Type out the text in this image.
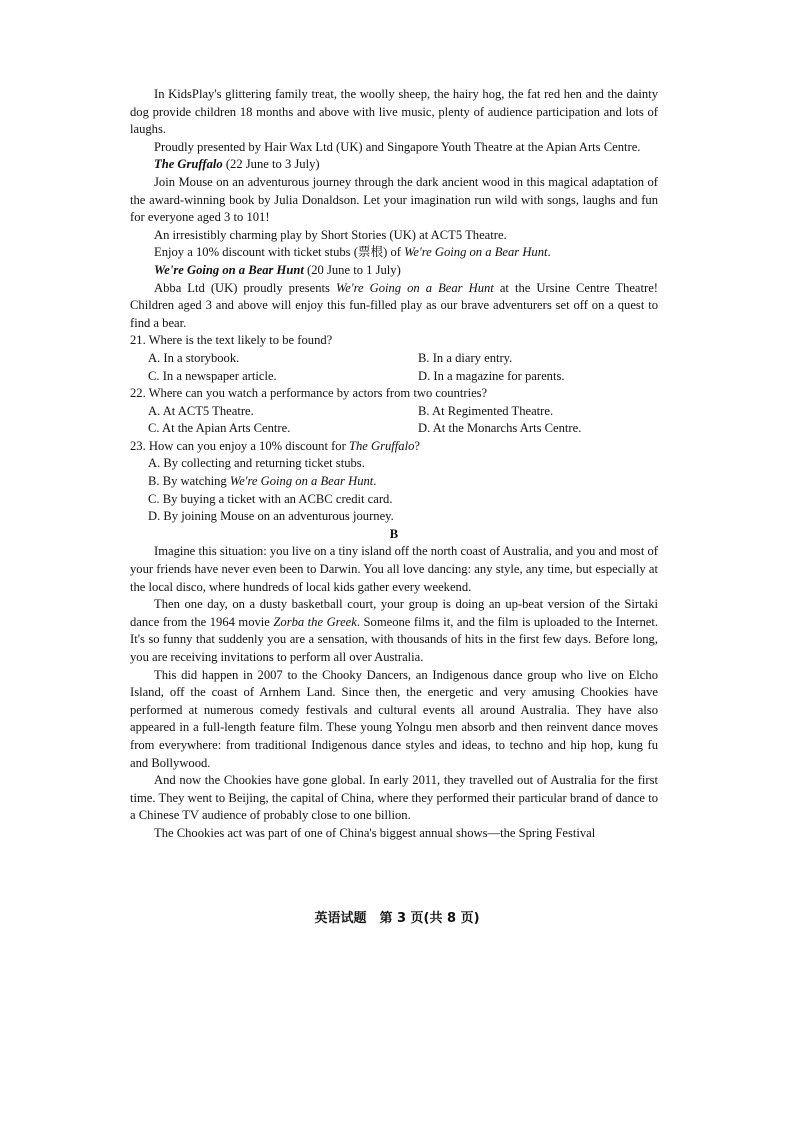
In KidsPlay's glittering family treat, the woolly sheep, the hairy hog, the fat red hen and the dainty dog provide children 18 months and above with live music, plenty of audience participation and lots of laughs.

Proudly presented by Hair Wax Ltd (UK) and Singapore Youth Theatre at the Apian Arts Centre.

The Gruffalo (22 June to 3 July)

Join Mouse on an adventurous journey through the dark ancient wood in this magical adaptation of the award-winning book by Julia Donaldson. Let your imagination run wild with songs, laughs and fun for everyone aged 3 to 101!

An irresistibly charming play by Short Stories (UK) at ACT5 Theatre.

Enjoy a 10% discount with ticket stubs (票根) of We're Going on a Bear Hunt.

We're Going on a Bear Hunt (20 June to 1 July)

Abba Ltd (UK) proudly presents We're Going on a Bear Hunt at the Ursine Centre Theatre! Children aged 3 and above will enjoy this fun-filled play as our brave adventurers set off on a quest to find a bear.

21. Where is the text likely to be found?

A. In a storybook.	B. In a diary entry.
C. In a newspaper article.	D. In a magazine for parents.

22. Where can you watch a performance by actors from two countries?

A. At ACT5 Theatre.	B. At Regimented Theatre.
C. At the Apian Arts Centre.	D. At the Monarchs Arts Centre.

23. How can you enjoy a 10% discount for The Gruffalo?

A. By collecting and returning ticket stubs.

B. By watching We're Going on a Bear Hunt.

C. By buying a ticket with an ACBC credit card.

D. By joining Mouse on an adventurous journey.

B

Imagine this situation: you live on a tiny island off the north coast of Australia, and you and most of your friends have never even been to Darwin. You all love dancing: any style, any time, but especially at the local disco, where hundreds of local kids gather every weekend.

Then one day, on a dusty basketball court, your group is doing an up-beat version of the Sirtaki dance from the 1964 movie Zorba the Greek. Someone films it, and the film is uploaded to the Internet. It's so funny that suddenly you are a sensation, with thousands of hits in the first few days. Before long, you are receiving invitations to perform all over Australia.

This did happen in 2007 to the Chooky Dancers, an Indigenous dance group who live on Elcho Island, off the coast of Arnhem Land. Since then, the energetic and very amusing Chookies have performed at numerous comedy festivals and cultural events all around Australia. They have also appeared in a full-length feature film. These young Yolngu men absorb and then reinvent dance moves from everywhere: from traditional Indigenous dance styles and ideas, to techno and hip hop, kung fu and Bollywood.

And now the Chookies have gone global. In early 2011, they travelled out of Australia for the first time. They went to Beijing, the capital of China, where they performed their particular brand of dance to a Chinese TV audience of probably close to one billion.

The Chookies act was part of one of China's biggest annual shows—the Spring Festival

英语试题　第 3 页(共 8 页)
